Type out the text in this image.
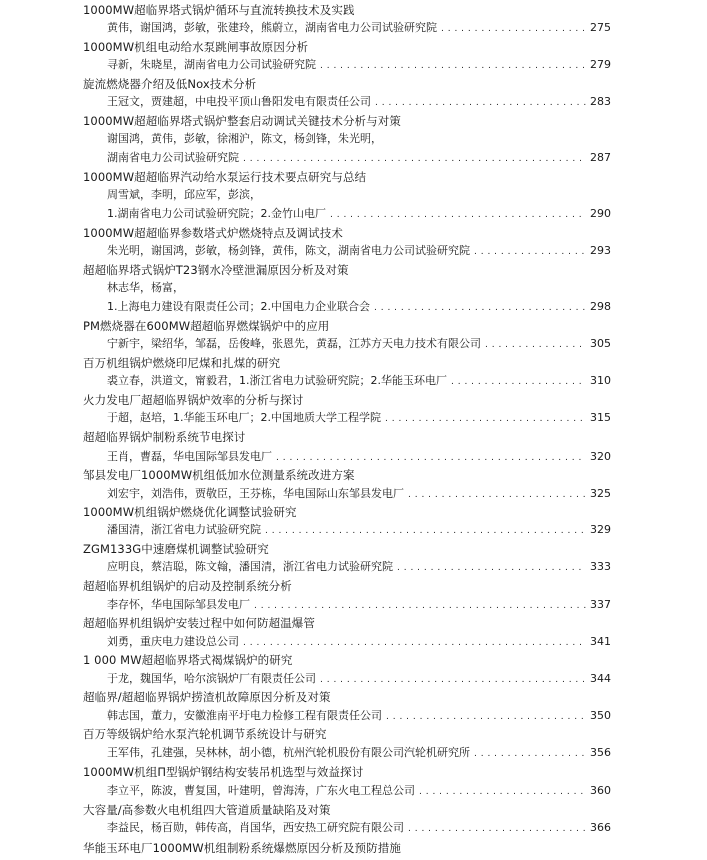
1000MW超临界塔式锅炉循环与直流转换技术及实践
黄伟，谢国鸿，彭敏，张建玲，熊蔚立，湖南省电力公司试验研究院 . . .	275
1000MW机组电动给水泵跳闸事故原因分析
寻新，朱晓星，湖南省电力公司试验研究院 . . .	279
旋流燃烧器介绍及低Nox技术分析
王冠文，贾建超，中电投平顶山鲁阳发电有限责任公司 . . .	283
1000MW超超临界塔式锅炉整套启动调试关键技术分析与对策
谢国鸿，黄伟，彭敏，徐湘沪，陈文，杨剑锋，朱光明，
湖南省电力公司试验研究院 . . .	287
1000MW超超临界汽动给水泵运行技术要点研究与总结
周雪斌，李明，邱应军，彭滨，
1.湖南省电力公司试验研究院；2.金竹山电厂 . . .	290
1000MW超超临界参数塔式炉燃烧特点及调试技术
朱光明，谢国鸿，彭敏，杨剑锋，黄伟，陈文，湖南省电力公司试验研究院 . . .	293
超超临界塔式锅炉T23钢水冷壁泄漏原因分析及对策
林志华，杨富，
1.上海电力建设有限责任公司；2.中国电力企业联合会 . . .	298
PM燃烧器在600MW超超临界燃煤锅炉中的应用
宁新宇，梁绍华，邹磊，岳俊峰，张恩先，黄磊，江苏方天电力技术有限公司 . . .	305
百万机组锅炉燃烧印尼煤和扎煤的研究
裘立春，洪道文，甯毅君，1.浙江省电力试验研究院；2.华能玉环电厂 . . .	310
火力发电厂超超临界锅炉效率的分析与探讨
于超，赵培，1.华能玉环电厂；2.中国地质大学工程学院 . . .	315
超超临界锅炉制粉系统节电探讨
王肖，曹磊，华电国际邹县发电厂 . . .	320
邹县发电厂1000MW机组低加水位测量系统改进方案
刘宏宇，刘浩伟，贾敬臣，王芬栋，华电国际山东邹县发电厂 . . .	325
1000MW机组锅炉燃烧优化调整试验研究
潘国清，浙江省电力试验研究院 . . .	329
ZGM133G中速磨煤机调整试验研究
应明良，蔡洁聪，陈文翰，潘国清，浙江省电力试验研究院 . . .	333
超超临界机组锅炉的启动及控制系统分析
李存怀，华电国际邹县发电厂 . . .	337
超超临界机组锅炉安装过程中如何防超温爆管
刘勇，重庆电力建设总公司 . . .	341
1 000 MW超超临界塔式褐煤锅炉的研究
于龙，魏国华，哈尔滨锅炉厂有限责任公司 . . .	344
超临界/超超临界锅炉捞渣机故障原因分析及对策
韩志国，董力，安徽淮南平圩电力检修工程有限责任公司 . . .	350
百万等级锅炉给水泵汽轮机调节系统设计与研究
王军伟，孔建强，吴林林，胡小德，杭州汽轮机股份有限公司汽轮机研究所 . . .	356
1000MW机组Π型锅炉钢结构安装吊机选型与效益探讨
李立平，陈波，曹复国，叶建明，曾海涛，广东火电工程总公司 . . .	360
大容量/高参数火电机组四大管道质量缺陷及对策
李益民，杨百勋，韩传高，肖国华，西安热工研究院有限公司 . . .	366
华能玉环电厂1000MW机组制粉系统爆燃原因分析及预防措施
